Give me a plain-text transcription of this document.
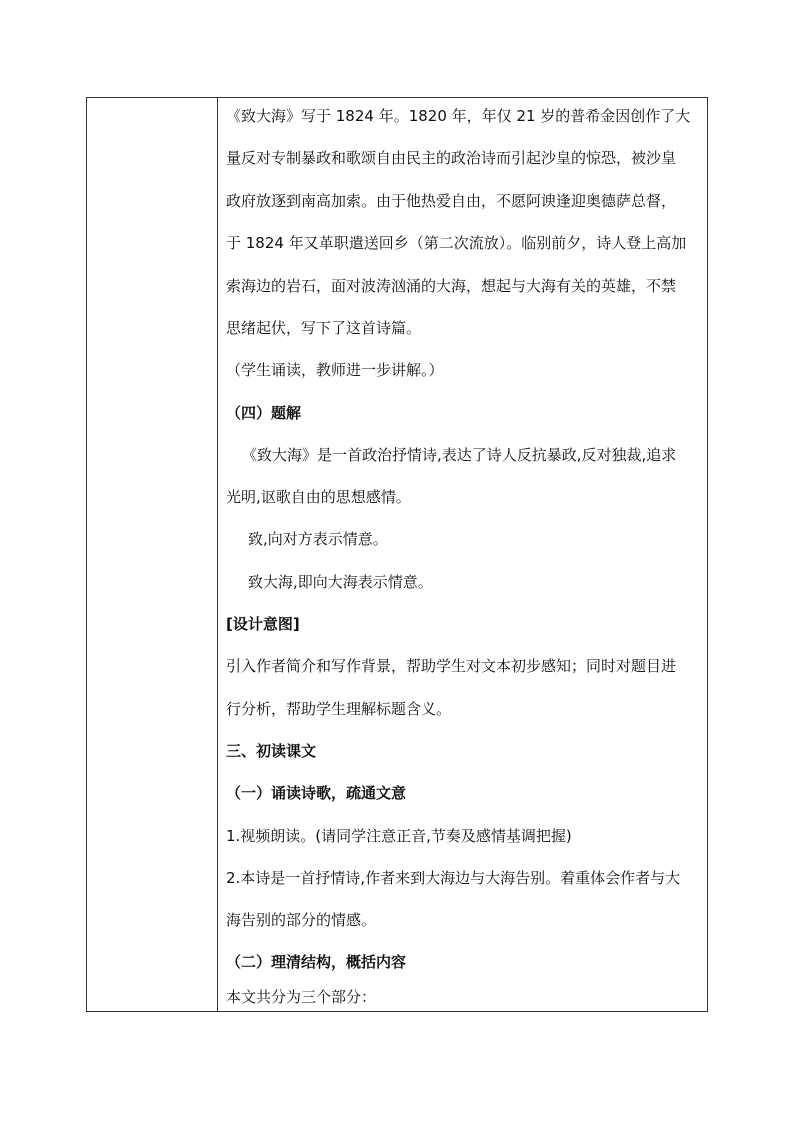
《致大海》写于 1824 年。1820 年，年仅 21 岁的普希金因创作了大
量反对专制暴政和歌颂自由民主的政治诗而引起沙皇的惊恐，被沙皇
政府放逐到南高加索。由于他热爱自由，不愿阿谀逢迎奥德萨总督，
于 1824 年又革职遣送回乡（第二次流放）。临别前夕，诗人登上高加
索海边的岩石，面对波涛汹涌的大海，想起与大海有关的英雄，不禁
思绪起伏，写下了这首诗篇。
（学生诵读，教师进一步讲解。）
（四）题解
《致大海》是一首政治抒情诗,表达了诗人反抗暴政,反对独裁,追求
光明,讴歌自由的思想感情。
致,向对方表示情意。
致大海,即向大海表示情意。
[设计意图]
引入作者简介和写作背景，帮助学生对文本初步感知；同时对题目进
行分析，帮助学生理解标题含义。
三、初读课文
（一）诵读诗歌，疏通文意
1.视频朗读。(请同学注意正音,节奏及感情基调把握)
2.本诗是一首抒情诗,作者来到大海边与大海告别。着重体会作者与大
海告别的部分的情感。
（二）理清结构，概括内容
本文共分为三个部分：
